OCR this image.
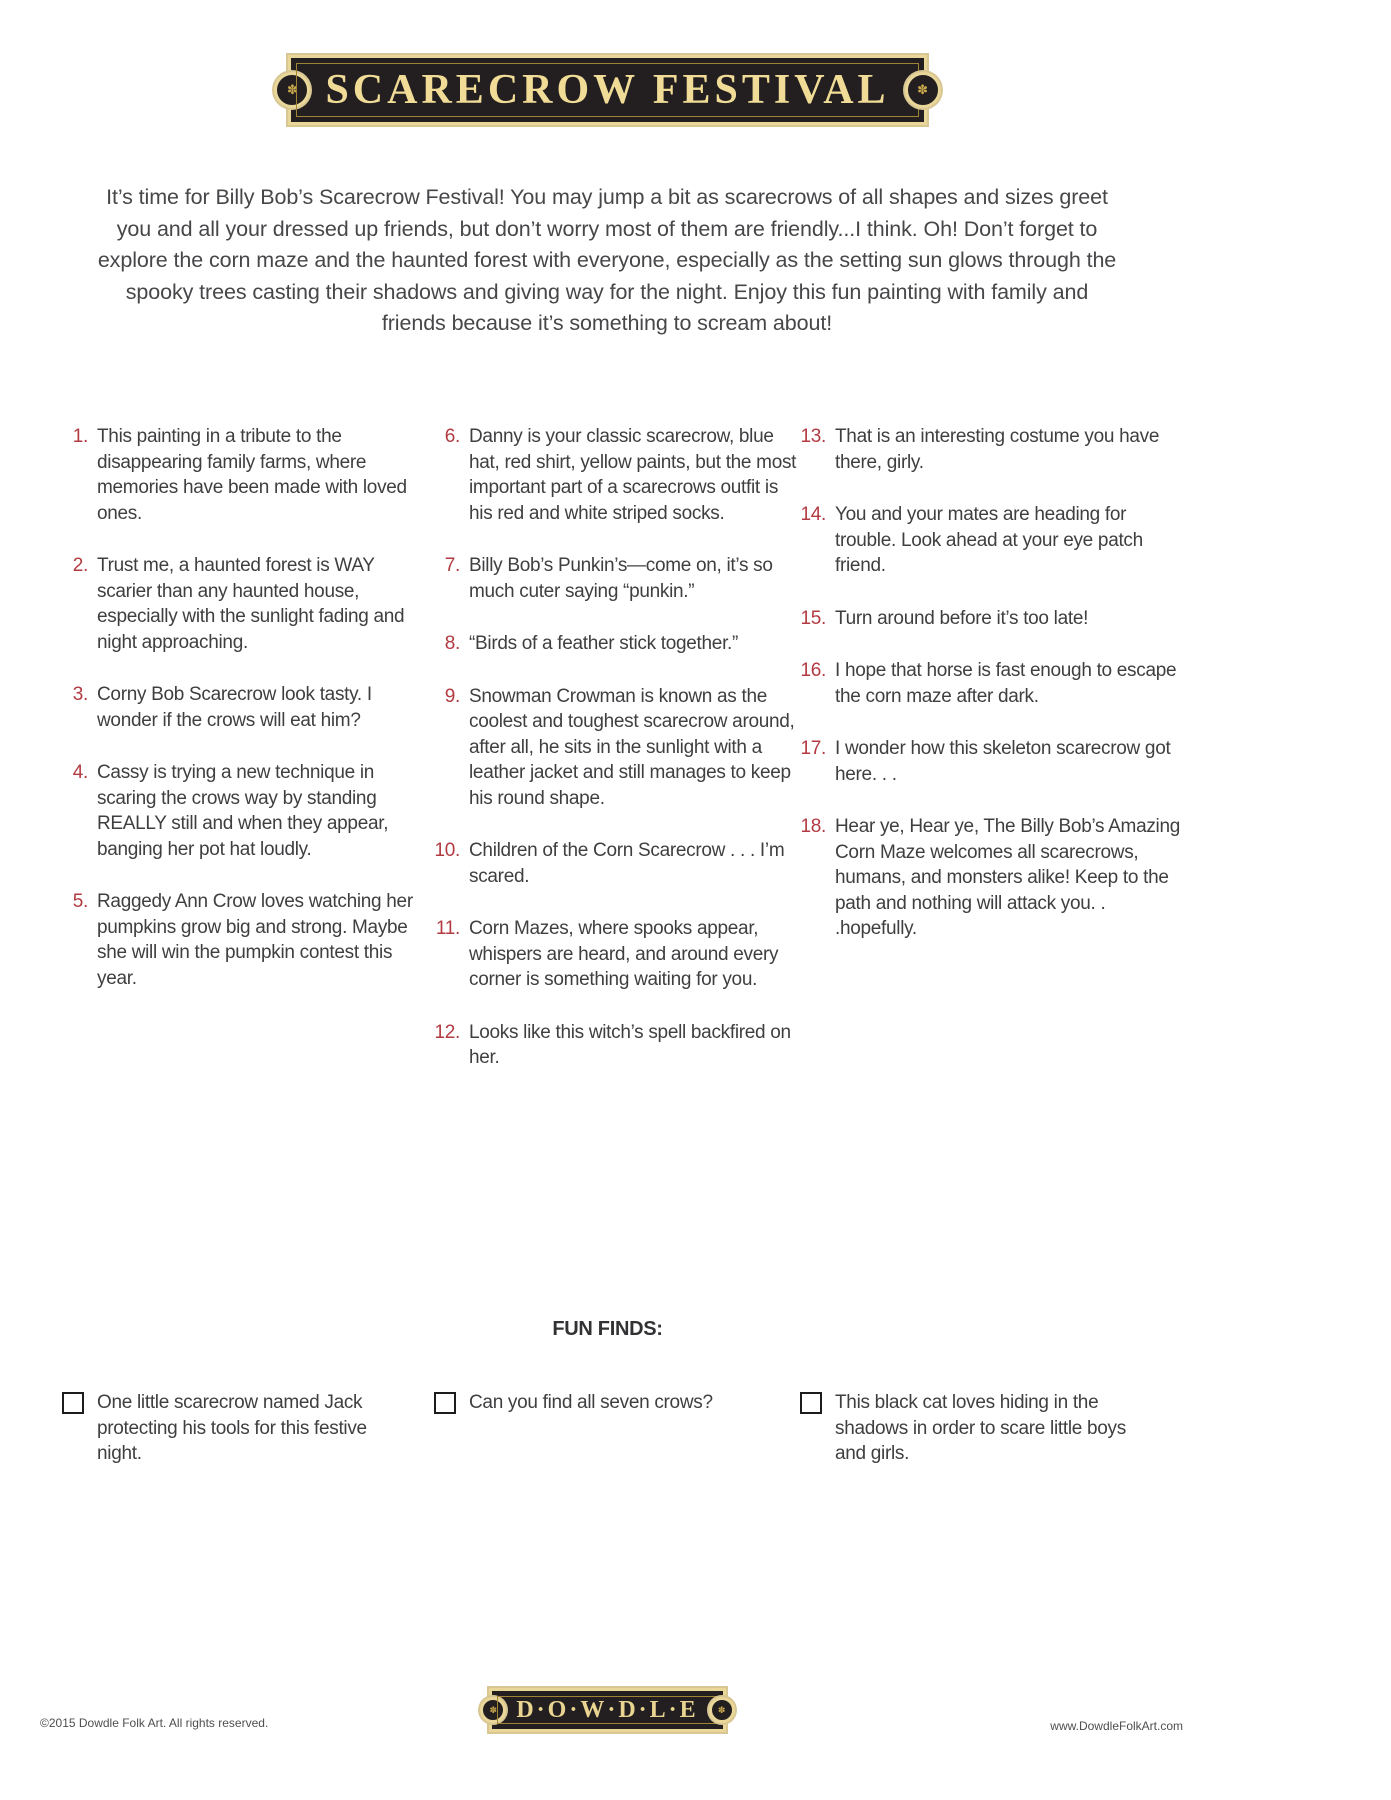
✽ SCARECROW FESTIVAL	✽
It’s time for Billy Bob’s Scarecrow Festival! You may jump a bit as scarecrows of all shapes and sizes greet you and all your dressed up friends, but don’t worry most of them are friendly...I think. Oh! Don’t forget to explore the corn maze and the haunted forest with everyone, especially as the setting sun glows through the spooky trees casting their shadows and giving way for the night. Enjoy this fun painting with family and friends because it’s something to scream about!
1. This painting in a tribute to the disappearing family farms, where memories have been made with loved ones.
2. Trust me, a haunted forest is WAY scarier than any haunted house, especially with the sunlight fading and night approaching.
3. Corny Bob Scarecrow look tasty. I wonder if the crows will eat him?
4. Cassy is trying a new technique in scaring the crows way by standing REALLY still and when they appear, banging her pot hat loudly.
5. Raggedy Ann Crow loves watching her pumpkins grow big and strong. Maybe she will win the pumpkin contest this year.
6. Danny is your classic scarecrow, blue hat, red shirt, yellow paints, but the most important part of a scarecrows outfit is his red and white striped socks.
7. Billy Bob’s Punkin’s—come on, it’s so much cuter saying “punkin.”
8. “Birds of a feather stick together.”
9. Snowman Crowman is known as the coolest and toughest scarecrow around, after all, he sits in the sunlight with a leather jacket and still manages to keep his round shape.
10. Children of the Corn Scarecrow . . . I’m scared.
11. Corn Mazes, where spooks appear, whispers are heard, and around every corner is something waiting for you.
12. Looks like this witch’s spell backfired on her.
13. That is an interesting costume you have there, girly.
14. You and your mates are heading for trouble. Look ahead at your eye patch friend.
15. Turn around before it’s too late!
16. I hope that horse is fast enough to escape the corn maze after dark.
17. I wonder how this skeleton scarecrow got here. . .
18. Hear ye, Hear ye, The Billy Bob’s Amazing Corn Maze welcomes all scarecrows, humans, and monsters alike! Keep to the path and nothing will attack you. . .hopefully.
FUN FINDS:
One little scarecrow named Jack protecting his tools for this festive night.
Can you find all seven crows?	This black cat loves hiding in the shadows in order to scare little boys and girls.
✽ D·O·W·D·L·E	✽
©2015 Dowdle Folk Art. All rights reserved.	www.DowdleFolkArt.com
